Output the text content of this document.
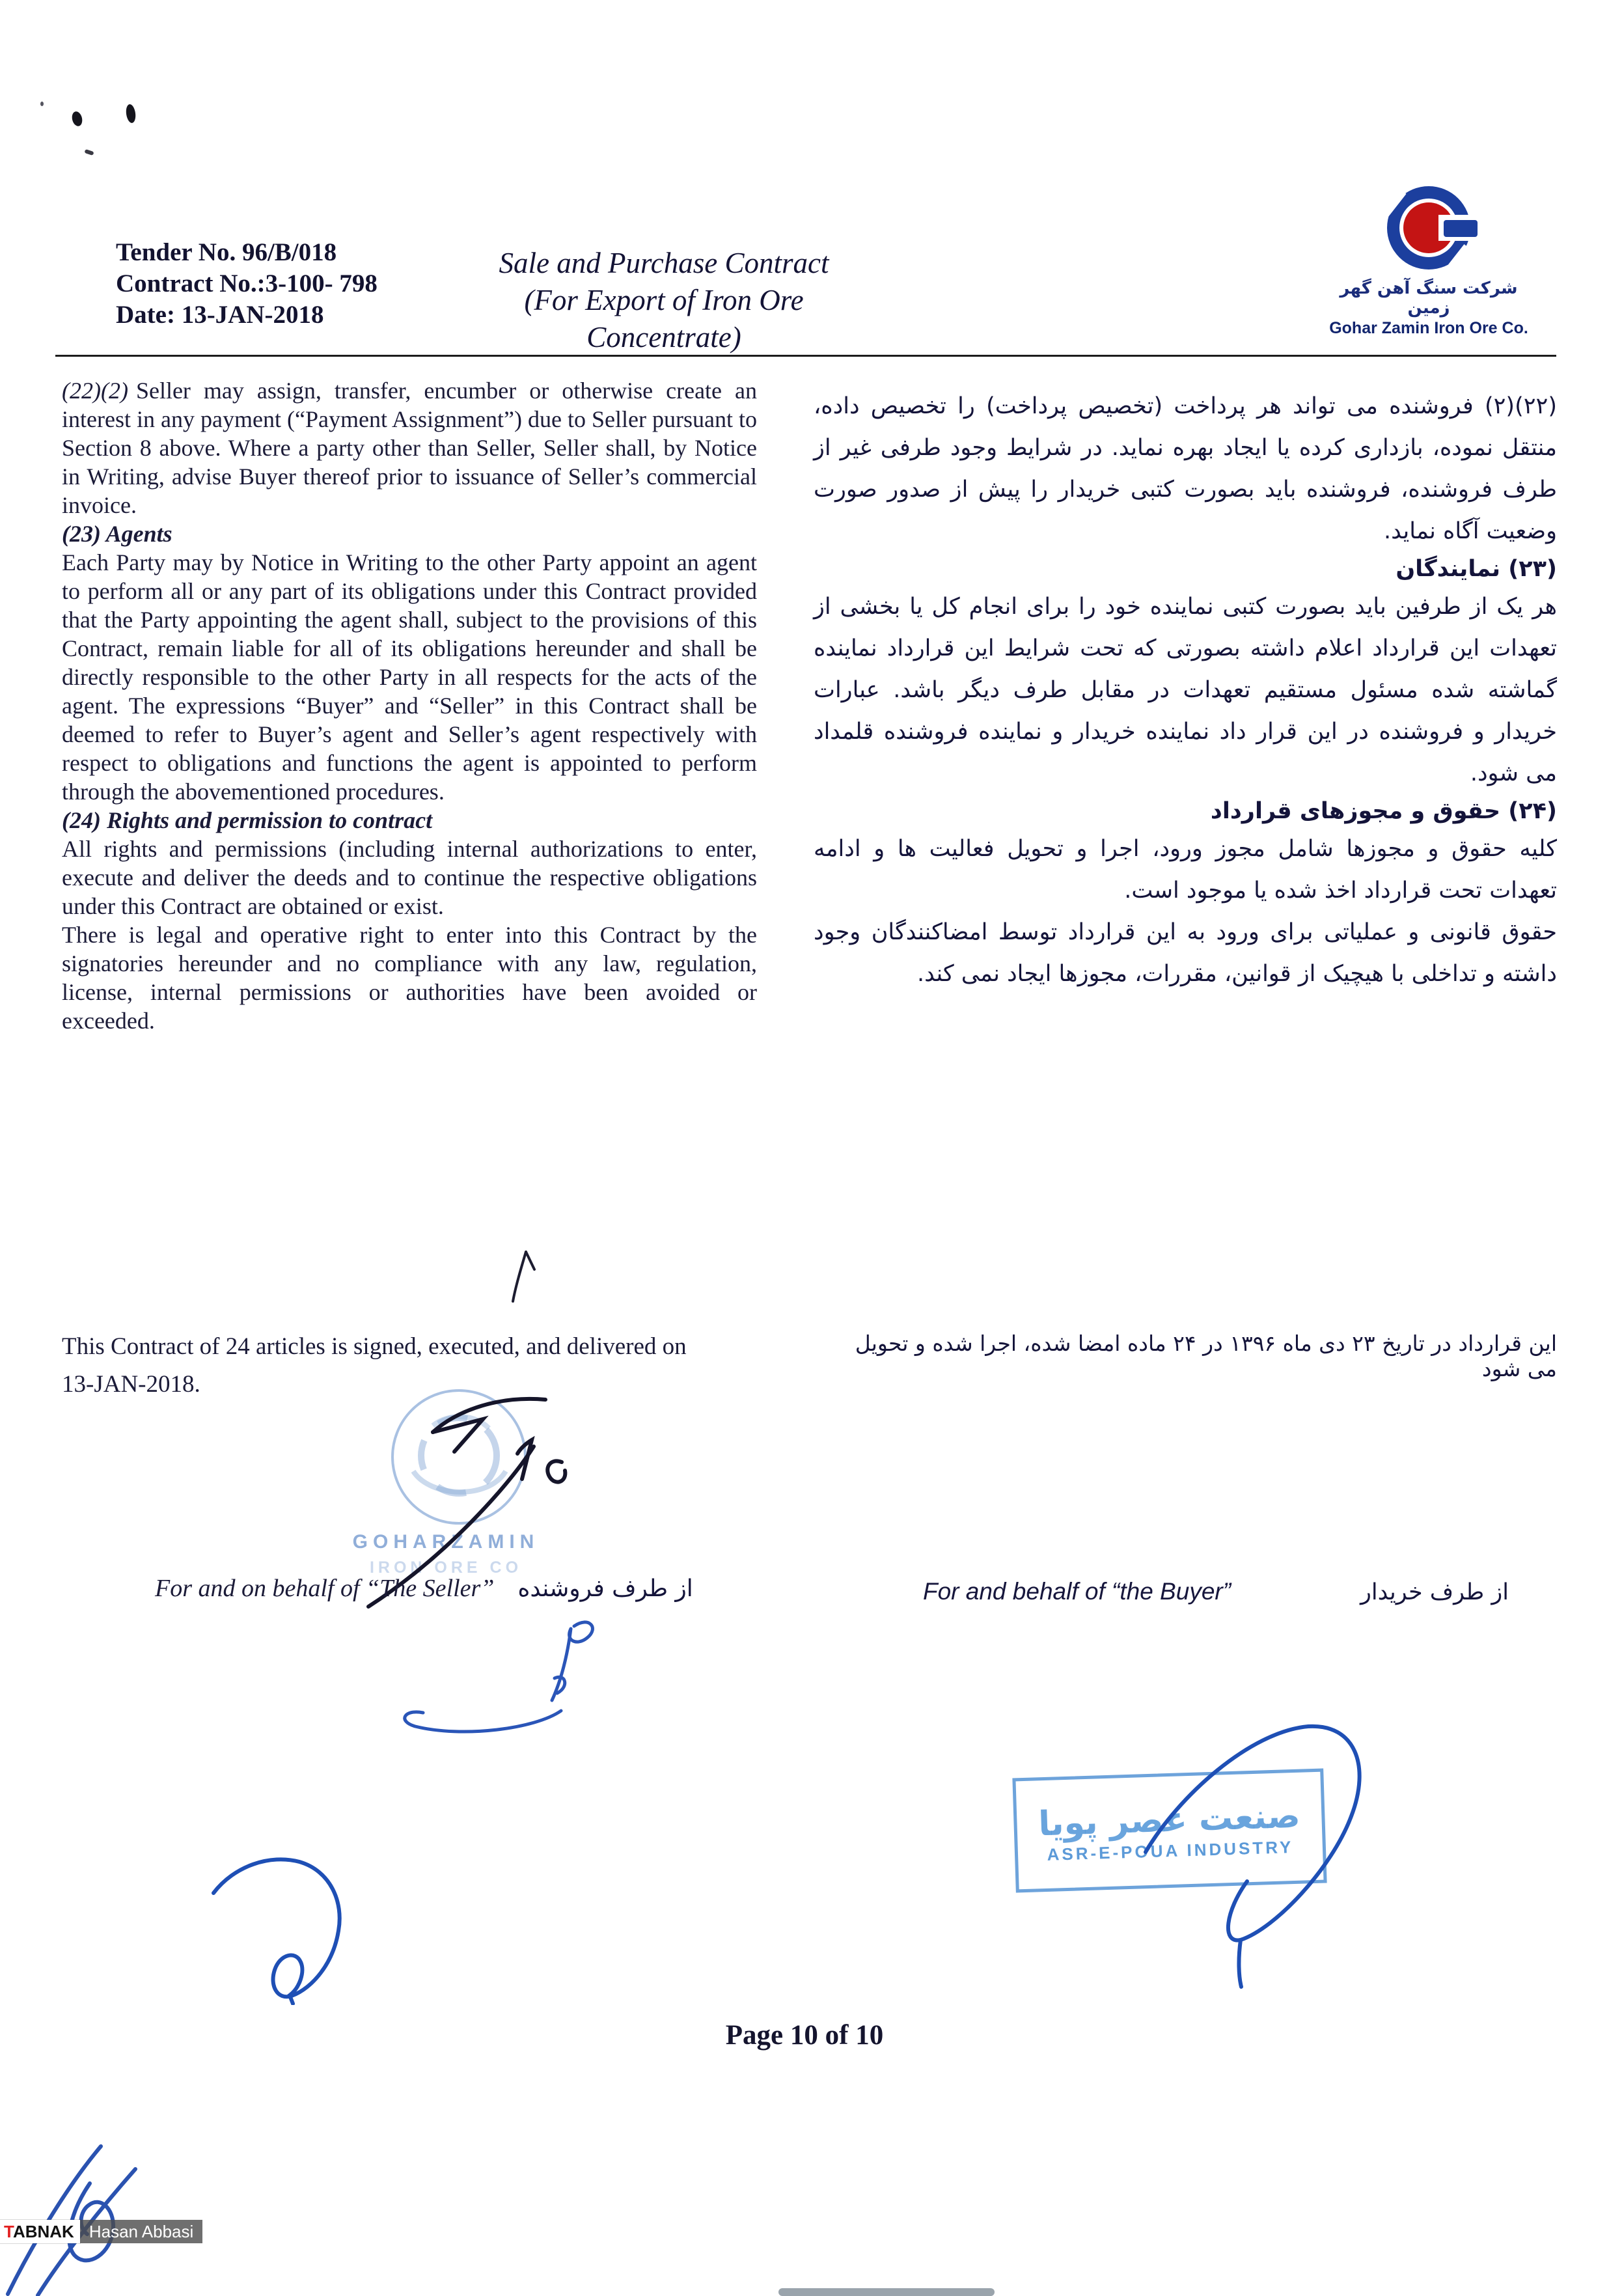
Tender No. 96/B/018
Contract No.:3-100- 798
Date: 13-JAN-2018
Sale and Purchase Contract
(For Export of Iron Ore Concentrate)
شرکت سنگ آهن گهر زمین
Gohar Zamin Iron Ore Co.

(22)(2) Seller may assign, transfer, encumber or otherwise create an interest in any payment (“Payment Assignment”) due to Seller pursuant to Section 8 above. Where a party other than Seller, Seller shall, by Notice in Writing, advise Buyer thereof prior to issuance of Seller’s commercial invoice.

(23) Agents

Each Party may by Notice in Writing to the other Party appoint an agent to perform all or any part of its obligations under this Contract provided that the Party appointing the agent shall, subject to the provisions of this Contract, remain liable for all of its obligations hereunder and shall be directly responsible to the other Party in all respects for the acts of the agent. The expressions “Buyer” and “Seller” in this Contract shall be deemed to refer to Buyer’s agent and Seller’s agent respectively with respect to obligations and functions the agent is appointed to perform through the abovementioned procedures.

(24) Rights and permission to contract

All rights and permissions (including internal authorizations to enter, execute and deliver the deeds and to continue the respective obligations under this Contract are obtained or exist.

There is legal and operative right to enter into this Contract by the signatories hereunder and no compliance with any law, regulation, license, internal permissions or authorities have been avoided or exceeded.

(۲۲)(۲) فروشنده می تواند هر پرداخت (تخصیص پرداخت) را تخصیص داده، منتقل نموده، بازداری کرده یا ایجاد بهره نماید. در شرایط وجود طرفی غیر از طرف فروشنده، فروشنده باید بصورت کتبی خریدار را پیش از صدور صورت وضعیت آگاه نماید.

(۲۳) نمایندگان

هر یک از طرفین باید بصورت کتبی نماینده خود را برای انجام کل یا بخشی از تعهدات این قرارداد اعلام داشته بصورتی که تحت شرایط این قرارداد نماینده گماشته شده مسئول مستقیم تعهدات در مقابل طرف دیگر باشد. عبارات خریدار و فروشنده در این قرار داد نماینده خریدار و نماینده فروشنده قلمداد می شود.

(۲۴) حقوق و مجوزهای قرارداد

کلیه حقوق و مجوزها شامل مجوز ورود، اجرا و تحویل فعالیت ها و ادامه تعهدات تحت قرارداد اخذ شده یا موجود است.

حقوق قانونی و عملیاتی برای ورود به این قرارداد توسط امضاکنندگان وجود داشته و تداخلی با هیچیک از قوانین، مقررات، مجوزها ایجاد نمی کند.

This Contract of 24 articles is signed, executed, and delivered on
13-JAN-2018.
این قرارداد در تاریخ ۲۳ دی ماه ۱۳۹۶ در ۲۴ ماده امضا شده، اجرا شده و تحویل می شود
GOHARZAMIN
IRON ORE CO
For and on behalf of “The Seller” از طرف فروشنده	For and behalf of “the Buyer”	از طرف خریدار
صنعت عصر پویا
ASR-E-POUA INDUSTRY
Page 10 of 10
TABNAK Hasan Abbasi
